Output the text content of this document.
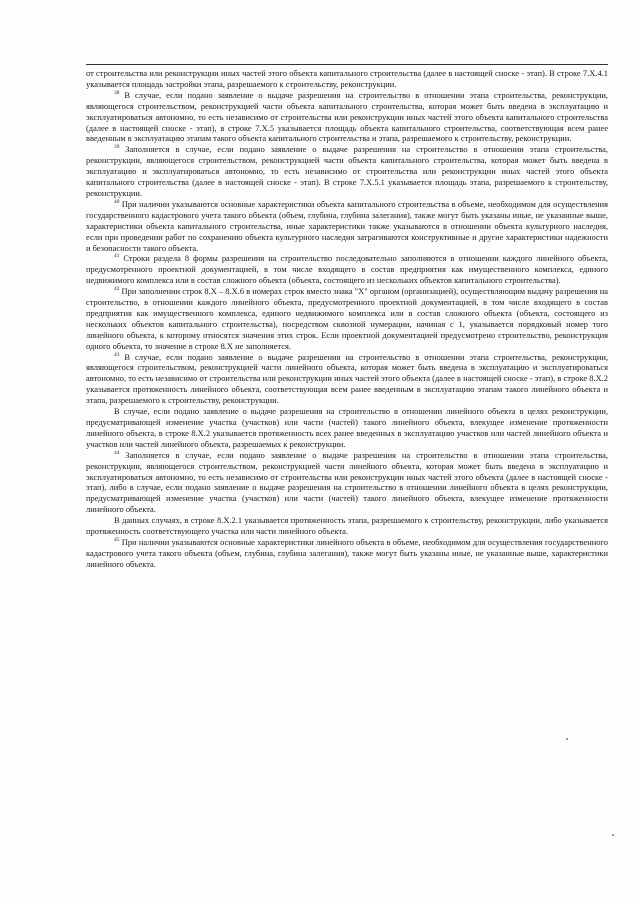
от строительства или реконструкции иных частей этого объекта капитального строительства (далее в настоящей сноске - этап). В строке 7.X.4.1 указывается площадь застройки этапа, разрешаемого к строительству, реконструкции.

$^{38}$ В случае, если подано заявление о выдаче разрешения на строительство в отношении этапа строительства, реконструкции, являющегося строительством, реконструкцией части объекта капитального строительства, которая может быть введена в эксплуатацию и эксплуатироваться автономно, то есть независимо от строительства или реконструкции иных частей этого объекта капитального строительства (далее в настоящей сноске - этап), в строке 7.X.5 указывается площадь объекта капитального строительства, соответствующая всем ранее введенным в эксплуатацию этапам такого объекта капитального строительства и этапа, разрешаемого к строительству, реконструкции.

$^{39}$ Заполняется в случае, если подано заявление о выдаче разрешения на строительство в отношении этапа строительства, реконструкции, являющегося строительством, реконструкцией части объекта капитального строительства, которая может быть введена в эксплуатацию и эксплуатироваться автономно, то есть независимо от строительства или реконструкции иных частей этого объекта капитального строительства (далее в настоящей сноске - этап). В строке 7.X.5.1 указывается площадь этапа, разрешаемого к строительству, реконструкции.

$^{40}$ При наличии указываются основные характеристики объекта капитального строительства в объеме, необходимом для осуществления государственного кадастрового учета такого объекта (объем, глубина, глубина залегания), также могут быть указаны иные, не указанные выше, характеристики объекта капитального строительства, иные характеристики также указываются в отношении объекта культурного наследия, если при проведении работ по сохранению объекта культурного наследия затрагиваются конструктивные и другие характеристики надежности и безопасности такого объекта.

$^{41}$ Строки раздела 8 формы разрешения на строительство последовательно заполняются в отношении каждого линейного объекта, предусмотренного проектной документацией, в том числе входящего в состав предприятия как имущественного комплекса, единого недвижимого комплекса или в состав сложного объекта (объекта, состоящего из нескольких объектов капитального строительства).

$^{42}$ При заполнении строк 8.X – 8.X.6 в номерах строк вместо знака "X" органом (организацией), осуществляющим выдачу разрешения на строительство, в отношении каждого линейного объекта, предусмотренного проектной документацией, в том числе входящего в состав предприятия как имущественного комплекса, единого недвижимого комплекса или в состав сложного объекта (объекта, состоящего из нескольких объектов капитального строительства), посредством сквозной нумерации, начиная с 1, указывается порядковый номер того линейного объекта, к которому относятся значения этих строк. Если проектной документацией предусмотрено строительство, реконструкция одного объекта, то значение в строке 8.X не заполняется.

$^{43}$ В случае, если подано заявление о выдаче разрешения на строительство в отношении этапа строительства, реконструкции, являющегося строительством, реконструкцией части линейного объекта, которая может быть введена в эксплуатацию и эксплуатироваться автономно, то есть независимо от строительства или реконструкции иных частей этого объекта (далее в настоящей сноске - этап), в строке 8.X.2 указывается протяженность линейного объекта, соответствующая всем ранее введенным в эксплуатацию этапам такого линейного объекта и этапа, разрешаемого к строительству, реконструкции.

В случае, если подано заявление о выдаче разрешения на строительство в отношении линейного объекта в целях реконструкции, предусматривающей изменение участка (участков) или части (частей) такого линейного объекта, влекущее изменение протяженности линейного объекта, в строке 8.X.2 указывается протяженность всех ранее введенных в эксплуатацию участков или частей линейного объекта и участков или частей линейного объекта, разрешаемых к реконструкции.

$^{44}$ Заполняется в случае, если подано заявление о выдаче разрешения на строительство в отношении этапа строительства, реконструкции, являющегося строительством, реконструкцией части линейного объекта, которая может быть введена в эксплуатацию и эксплуатироваться автономно, то есть независимо от строительства или реконструкции иных частей этого объекта (далее в настоящей сноске - этап), либо в случае, если подано заявление о выдаче разрешения на строительство в отношении линейного объекта в целях реконструкции, предусматривающей изменение участка (участков) или части (частей) такого линейного объекта, влекущее изменение протяженности линейного объекта.

В данных случаях, в строке 8.X.2.1 указывается протяженность этапа, разрешаемого к строительству, реконструкции, либо указывается протяженность соответствующего участка или части линейного объекта.

$^{45}$ При наличии указываются основные характеристики линейного объекта в объеме, необходимом для осуществления государственного кадастрового учета такого объекта (объем, глубина, глубина залегания), также могут быть указаны иные, не указанные выше, характеристики линейного объекта.
